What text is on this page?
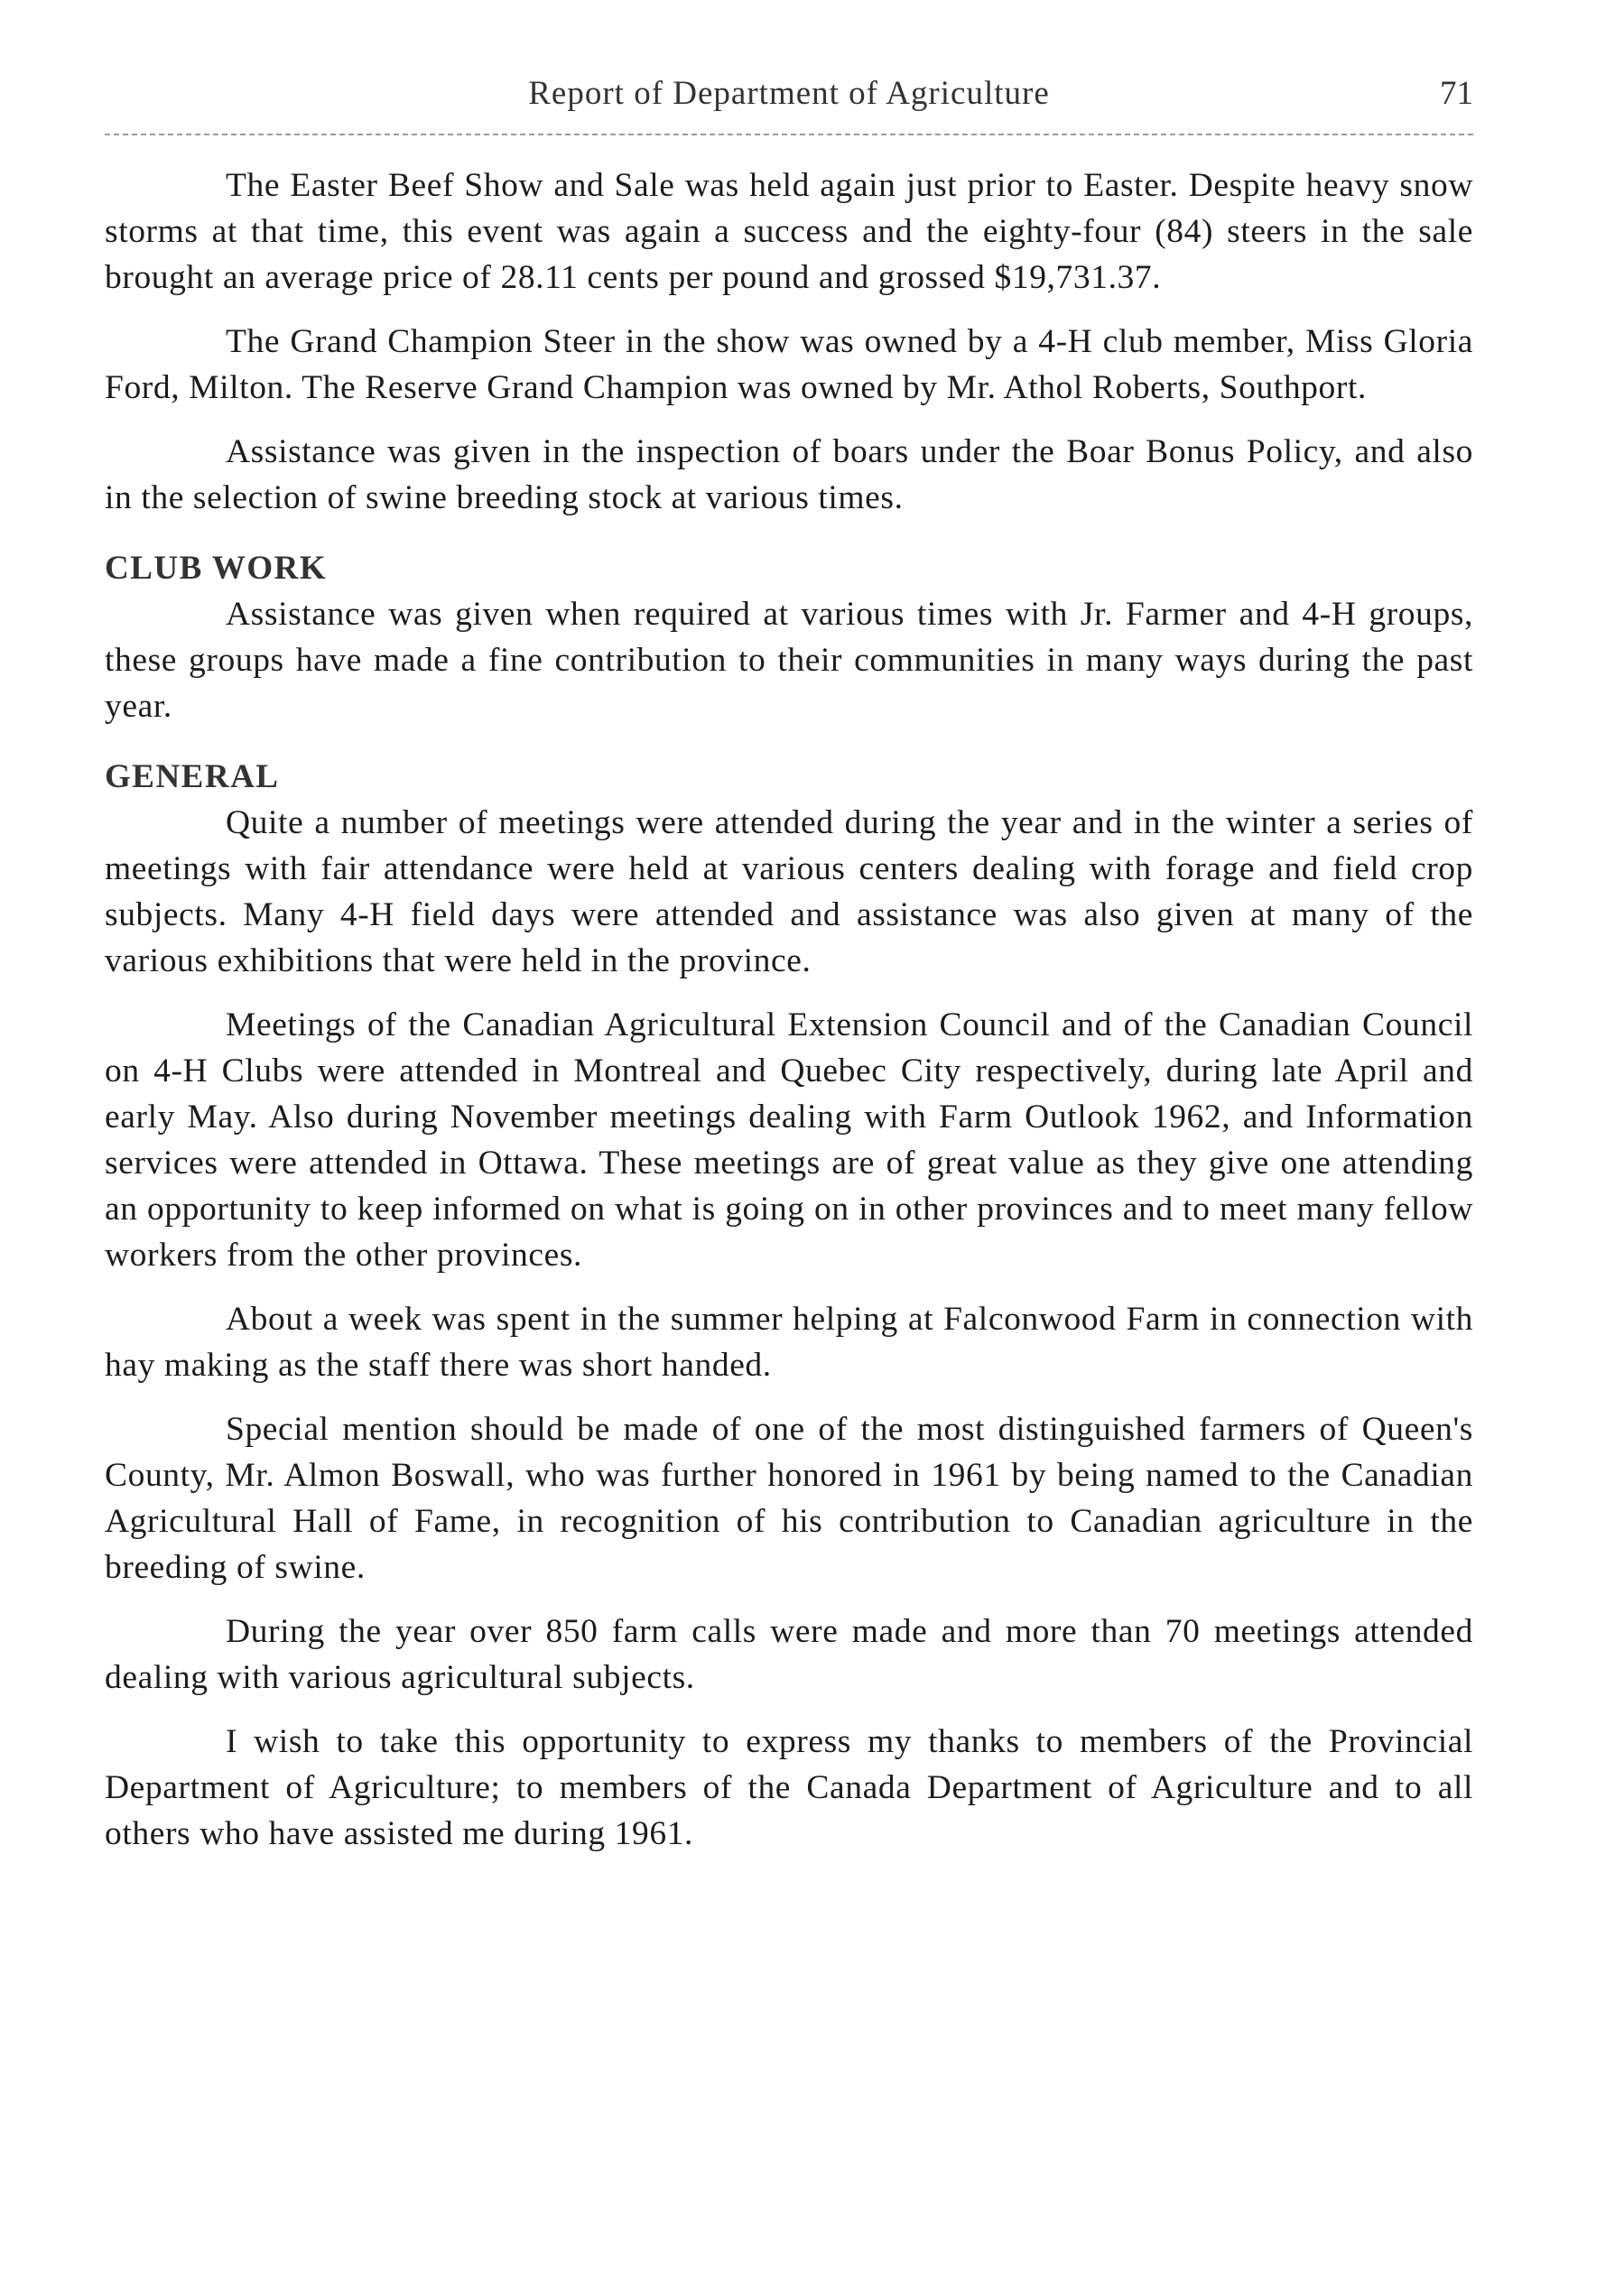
Report of Department of Agriculture	71

The Easter Beef Show and Sale was held again just prior to Easter. Despite heavy snow storms at that time, this event was again a success and the eighty-four (84) steers in the sale brought an average price of 28.11 cents per pound and grossed $19,731.37.

The Grand Champion Steer in the show was owned by a 4-H club member, Miss Gloria Ford, Milton. The Reserve Grand Champion was owned by Mr. Athol Roberts, Southport.

Assistance was given in the inspection of boars under the Boar Bonus Policy, and also in the selection of swine breeding stock at various times.

CLUB WORK

Assistance was given when required at various times with Jr. Farmer and 4-H groups, these groups have made a fine contribution to their communities in many ways during the past year.

GENERAL

Quite a number of meetings were attended during the year and in the winter a series of meetings with fair attendance were held at various centers dealing with forage and field crop subjects. Many 4-H field days were attended and assistance was also given at many of the various exhibitions that were held in the province.

Meetings of the Canadian Agricultural Extension Council and of the Canadian Council on 4-H Clubs were attended in Montreal and Quebec City respectively, during late April and early May. Also during November meetings dealing with Farm Outlook 1962, and Information services were attended in Ottawa. These meetings are of great value as they give one attending an opportunity to keep informed on what is going on in other provinces and to meet many fellow workers from the other provinces.

About a week was spent in the summer helping at Falconwood Farm in connection with hay making as the staff there was short handed.

Special mention should be made of one of the most distinguished farmers of Queen's County, Mr. Almon Boswall, who was further honored in 1961 by being named to the Canadian Agricultural Hall of Fame, in recognition of his contribution to Canadian agriculture in the breeding of swine.

During the year over 850 farm calls were made and more than 70 meetings attended dealing with various agricultural subjects.

I wish to take this opportunity to express my thanks to members of the Provincial Department of Agriculture; to members of the Canada Department of Agriculture and to all others who have assisted me during 1961.
